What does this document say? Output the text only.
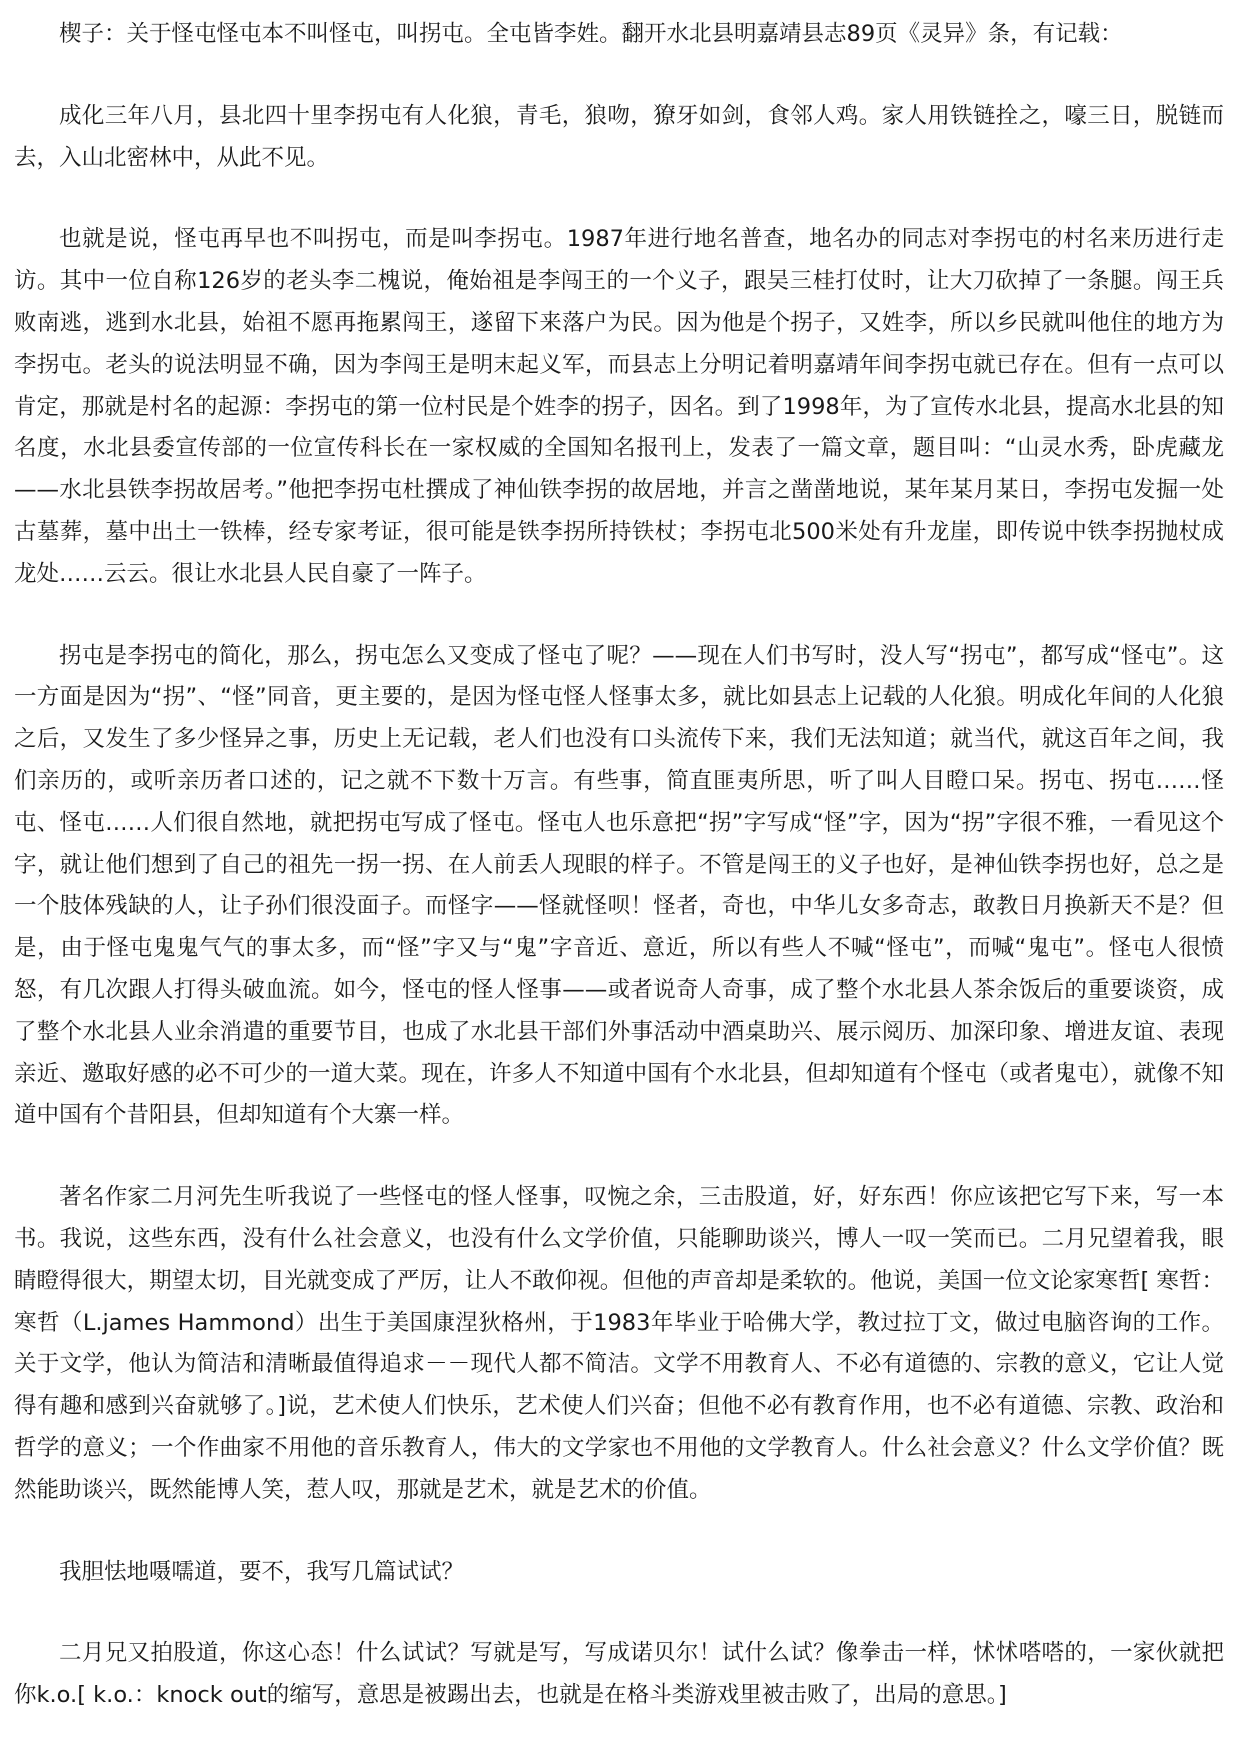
楔子：关于怪屯怪屯本不叫怪屯，叫拐屯。全屯皆李姓。翻开水北县明嘉靖县志89页《灵异》条，有记载：

成化三年八月，县北四十里李拐屯有人化狼，青毛，狼吻，獠牙如剑，食邻人鸡。家人用铁链拴之，嚎三日，脱链而去，入山北密林中，从此不见。

也就是说，怪屯再早也不叫拐屯，而是叫李拐屯。1987年进行地名普查，地名办的同志对李拐屯的村名来历进行走访。其中一位自称126岁的老头李二槐说，俺始祖是李闯王的一个义子，跟吴三桂打仗时，让大刀砍掉了一条腿。闯王兵败南逃，逃到水北县，始祖不愿再拖累闯王，遂留下来落户为民。因为他是个拐子，又姓李，所以乡民就叫他住的地方为李拐屯。老头的说法明显不确，因为李闯王是明末起义军，而县志上分明记着明嘉靖年间李拐屯就已存在。但有一点可以肯定，那就是村名的起源：李拐屯的第一位村民是个姓李的拐子，因名。到了1998年，为了宣传水北县，提高水北县的知名度，水北县委宣传部的一位宣传科长在一家权威的全国知名报刊上，发表了一篇文章，题目叫：“山灵水秀，卧虎藏龙——水北县铁李拐故居考。”他把李拐屯杜撰成了神仙铁李拐的故居地，并言之凿凿地说，某年某月某日，李拐屯发掘一处古墓葬，墓中出土一铁棒，经专家考证，很可能是铁李拐所持铁杖；李拐屯北500米处有升龙崖，即传说中铁李拐抛杖成龙处……云云。很让水北县人民自豪了一阵子。

拐屯是李拐屯的简化，那么，拐屯怎么又变成了怪屯了呢？——现在人们书写时，没人写“拐屯”，都写成“怪屯”。这一方面是因为“拐”、“怪”同音，更主要的，是因为怪屯怪人怪事太多，就比如县志上记载的人化狼。明成化年间的人化狼之后，又发生了多少怪异之事，历史上无记载，老人们也没有口头流传下来，我们无法知道；就当代，就这百年之间，我们亲历的，或听亲历者口述的，记之就不下数十万言。有些事，简直匪夷所思，听了叫人目瞪口呆。拐屯、拐屯……怪屯、怪屯……人们很自然地，就把拐屯写成了怪屯。怪屯人也乐意把“拐”字写成“怪”字，因为“拐”字很不雅，一看见这个字，就让他们想到了自己的祖先一拐一拐、在人前丢人现眼的样子。不管是闯王的义子也好，是神仙铁李拐也好，总之是一个肢体残缺的人，让子孙们很没面子。而怪字——怪就怪呗！怪者，奇也，中华儿女多奇志，敢教日月换新天不是？但是，由于怪屯鬼鬼气气的事太多，而“怪”字又与“鬼”字音近、意近，所以有些人不喊“怪屯”，而喊“鬼屯”。怪屯人很愤怒，有几次跟人打得头破血流。如今，怪屯的怪人怪事——或者说奇人奇事，成了整个水北县人茶余饭后的重要谈资，成了整个水北县人业余消遣的重要节目，也成了水北县干部们外事活动中酒桌助兴、展示阅历、加深印象、增进友谊、表现亲近、邀取好感的必不可少的一道大菜。现在，许多人不知道中国有个水北县，但却知道有个怪屯（或者鬼屯），就像不知道中国有个昔阳县，但却知道有个大寨一样。

著名作家二月河先生听我说了一些怪屯的怪人怪事，叹惋之余，三击股道，好，好东西！你应该把它写下来，写一本书。我说，这些东西，没有什么社会意义，也没有什么文学价值，只能聊助谈兴，博人一叹一笑而已。二月兄望着我，眼睛瞪得很大，期望太切，目光就变成了严厉，让人不敢仰视。但他的声音却是柔软的。他说，美国一位文论家寒哲[ 寒哲：寒哲（L.james Hammond）出生于美国康涅狄格州，于1983年毕业于哈佛大学，教过拉丁文，做过电脑咨询的工作。关于文学，他认为简洁和清晰最值得追求－－现代人都不简洁。文学不用教育人、不必有道德的、宗教的意义，它让人觉得有趣和感到兴奋就够了。]说，艺术使人们快乐，艺术使人们兴奋；但他不必有教育作用，也不必有道德、宗教、政治和哲学的意义；一个作曲家不用他的音乐教育人，伟大的文学家也不用他的文学教育人。什么社会意义？什么文学价值？既然能助谈兴，既然能博人笑，惹人叹，那就是艺术，就是艺术的价值。

我胆怯地嗫嚅道，要不，我写几篇试试？

二月兄又拍股道，你这心态！什么试试？写就是写，写成诺贝尔！试什么试？像拳击一样，怵怵嗒嗒的，一家伙就把你k.o.[ k.o.：knock out的缩写，意思是被踢出去，也就是在格斗类游戏里被击败了，出局的意思。]
